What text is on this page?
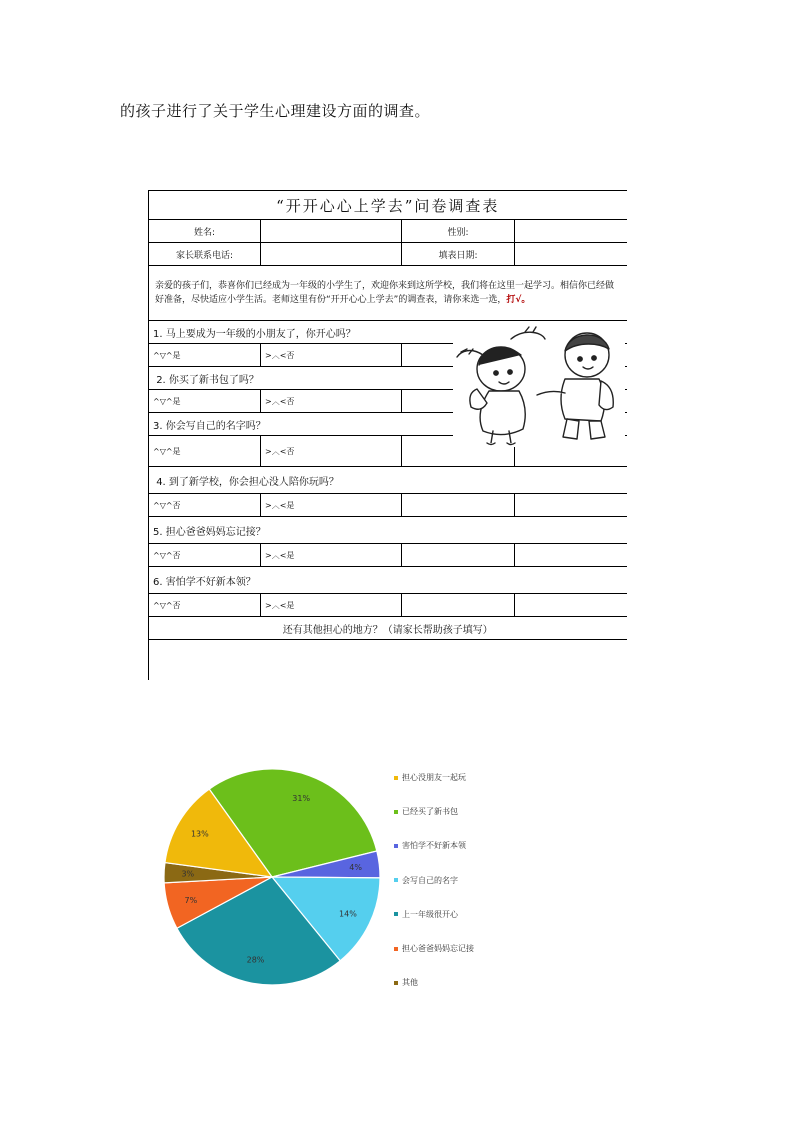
的孩子进行了关于学生心理建设方面的调查。
“开开心心上学去”问卷调查表			
姓名:		性别:	
家长联系电话:		填表日期:	
亲爱的孩子们，恭喜你们已经成为一年级的小学生了，欢迎你来到这所学校，我们将在这里一起学习。相信你已经做好准备，尽快适应小学生活。老师这里有份“开开心心上学去”的调查表，请你来选一选，打√。			
1. 马上要成为一年级的小朋友了，你开心吗？			
^▽^是	>︿<否		
2. 你买了新书包了吗？			
^▽^是	>︿<否		
3. 你会写自己的名字吗？			
^▽^是	>︿<否		
4. 到了新学校，你会担心没人陪你玩吗？			
^▽^否	>︿<是		
5. 担心爸爸妈妈忘记接？			
^▽^否	>︿<是		
6. 害怕学不好新本领？			
^▽^否	>︿<是		
还有其他担心的地方？（请家长帮助孩子填写）			

31%
4%
14%
28%
7%
3%
13%
担心没朋友一起玩
已经买了新书包
害怕学不好新本领
会写自己的名字
上一年级很开心
担心爸爸妈妈忘记接
其他
